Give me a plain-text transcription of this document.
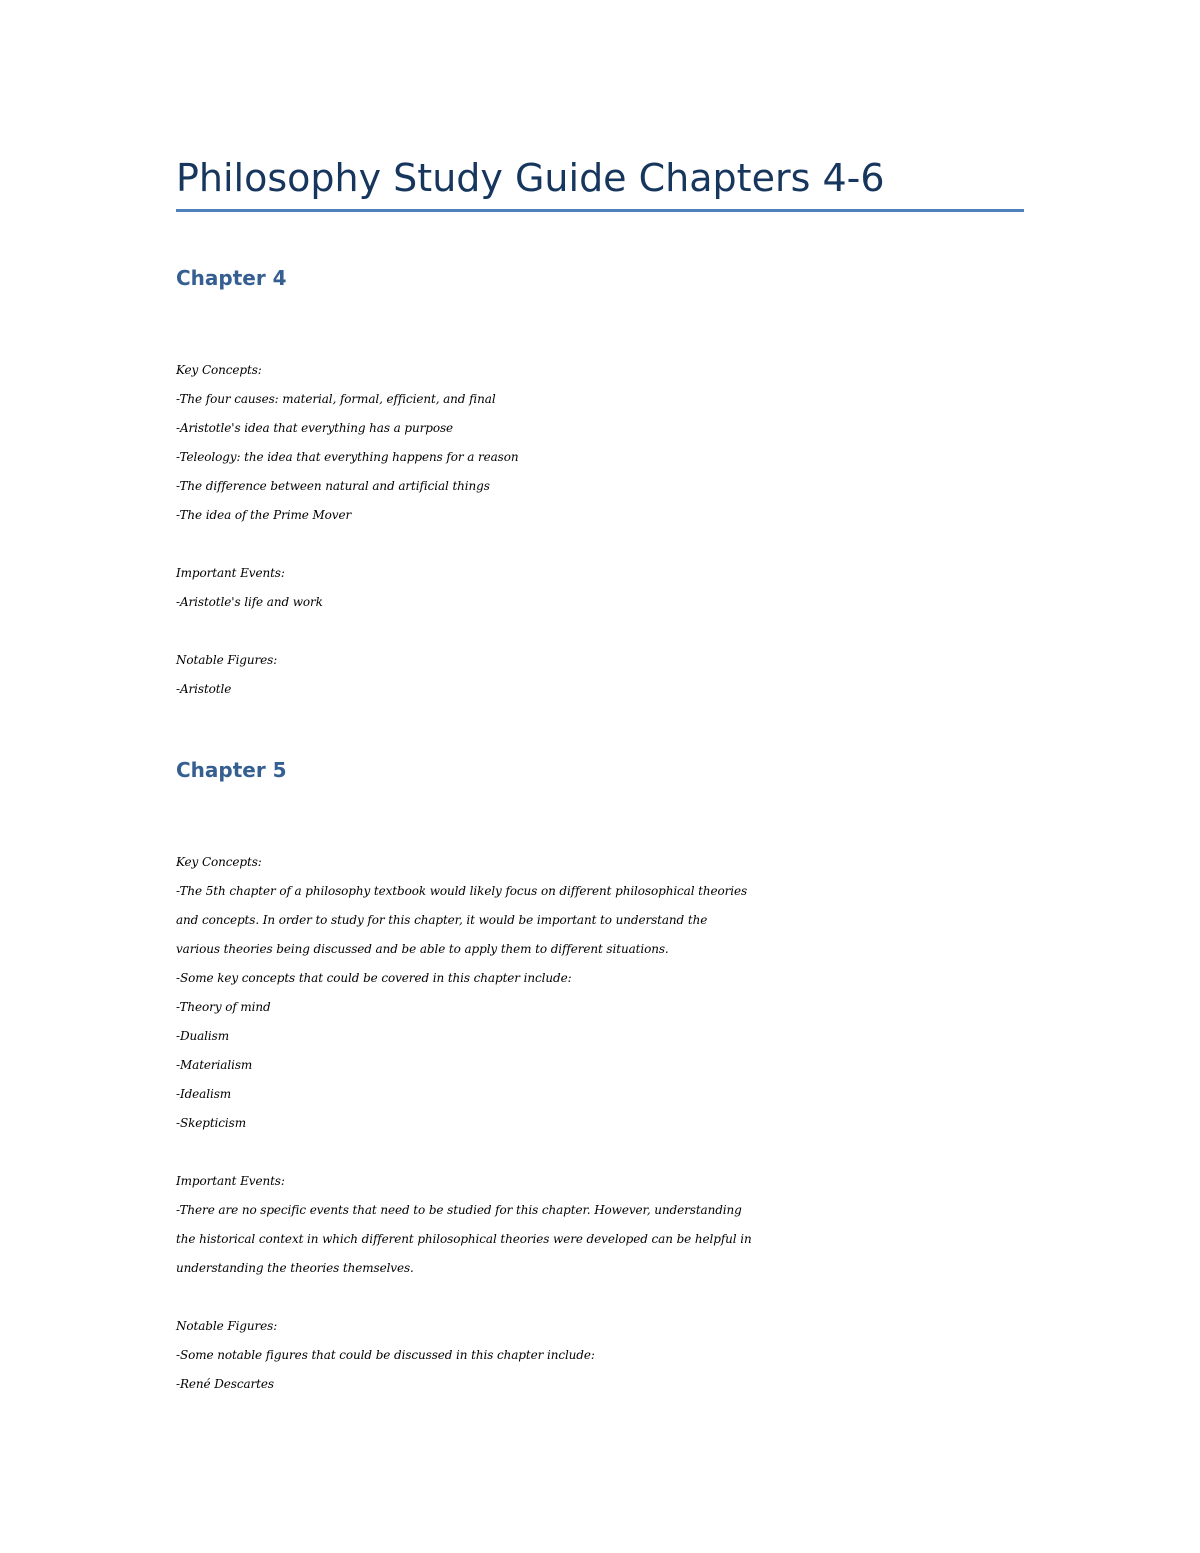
Philosophy Study Guide Chapters 4-6
Chapter 4

Key Concepts:

-The four causes: material, formal, efficient, and final

-Aristotle's idea that everything has a purpose

-Teleology: the idea that everything happens for a reason

-The difference between natural and artificial things

-The idea of the Prime Mover

Important Events:

-Aristotle's life and work

Notable Figures:

-Aristotle

Chapter 5

Key Concepts:

-The 5th chapter of a philosophy textbook would likely focus on different philosophical theories

and concepts. In order to study for this chapter, it would be important to understand the

various theories being discussed and be able to apply them to different situations.

-Some key concepts that could be covered in this chapter include:

-Theory of mind

-Dualism

-Materialism

-Idealism

-Skepticism

Important Events:

-There are no specific events that need to be studied for this chapter. However, understanding

the historical context in which different philosophical theories were developed can be helpful in

understanding the theories themselves.

Notable Figures:

-Some notable figures that could be discussed in this chapter include:

-René Descartes
